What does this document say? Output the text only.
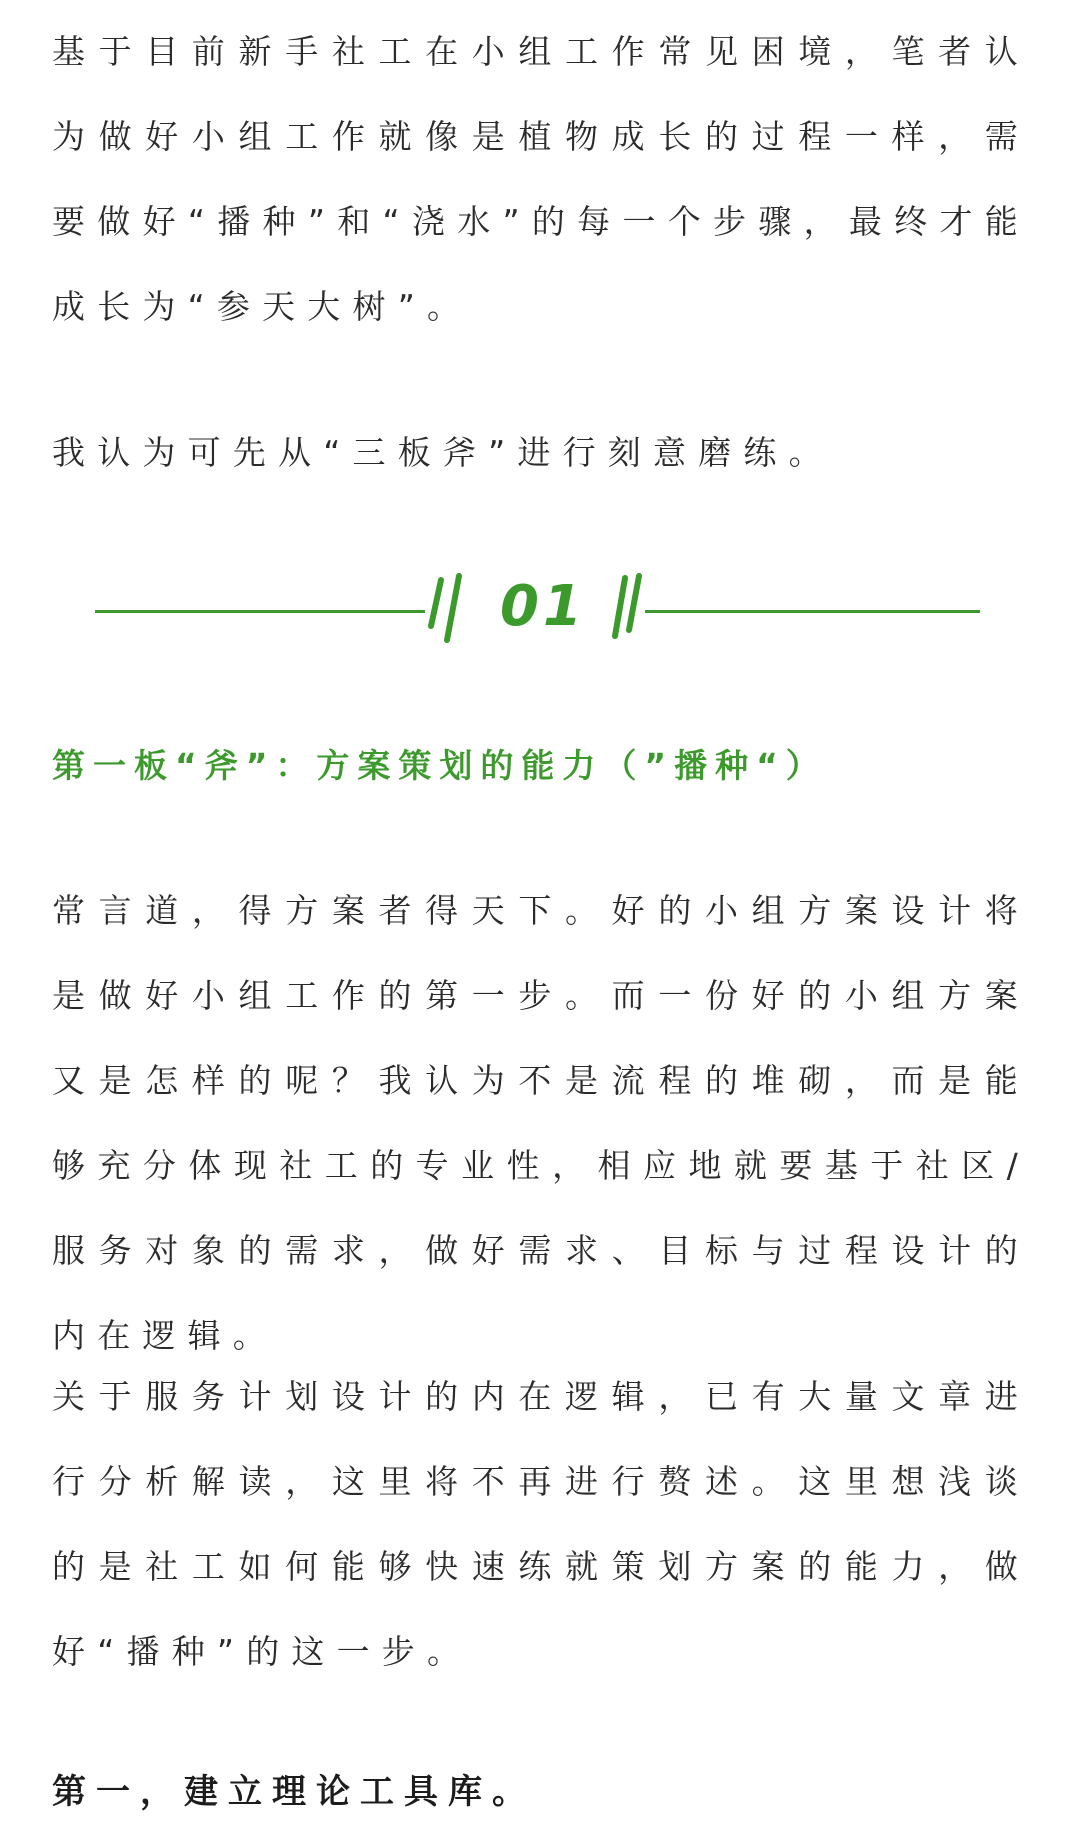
基于目前新手社工在小组工作常见困境，笔者认为做好小组工作就像是植物成长的过程一样，需要做好“播种”和“浇水”的每一个步骤，最终才能成长为“参天大树”。

我认为可先从“三板斧”进行刻意磨练。

第一板“斧”：方案策划的能力（”播种“）

常言道，得方案者得天下。好的小组方案设计将是做好小组工作的第一步。而一份好的小组方案又是怎样的呢？我认为不是流程的堆砌，而是能够充分体现社工的专业性，相应地就要基于社区/服务对象的需求，做好需求、目标与过程设计的内在逻辑。

关于服务计划设计的内在逻辑，已有大量文章进行分析解读，这里将不再进行赘述。这里想浅谈的是社工如何能够快速练就策划方案的能力，做好“播种”的这一步。

第一，建立理论工具库。

01
